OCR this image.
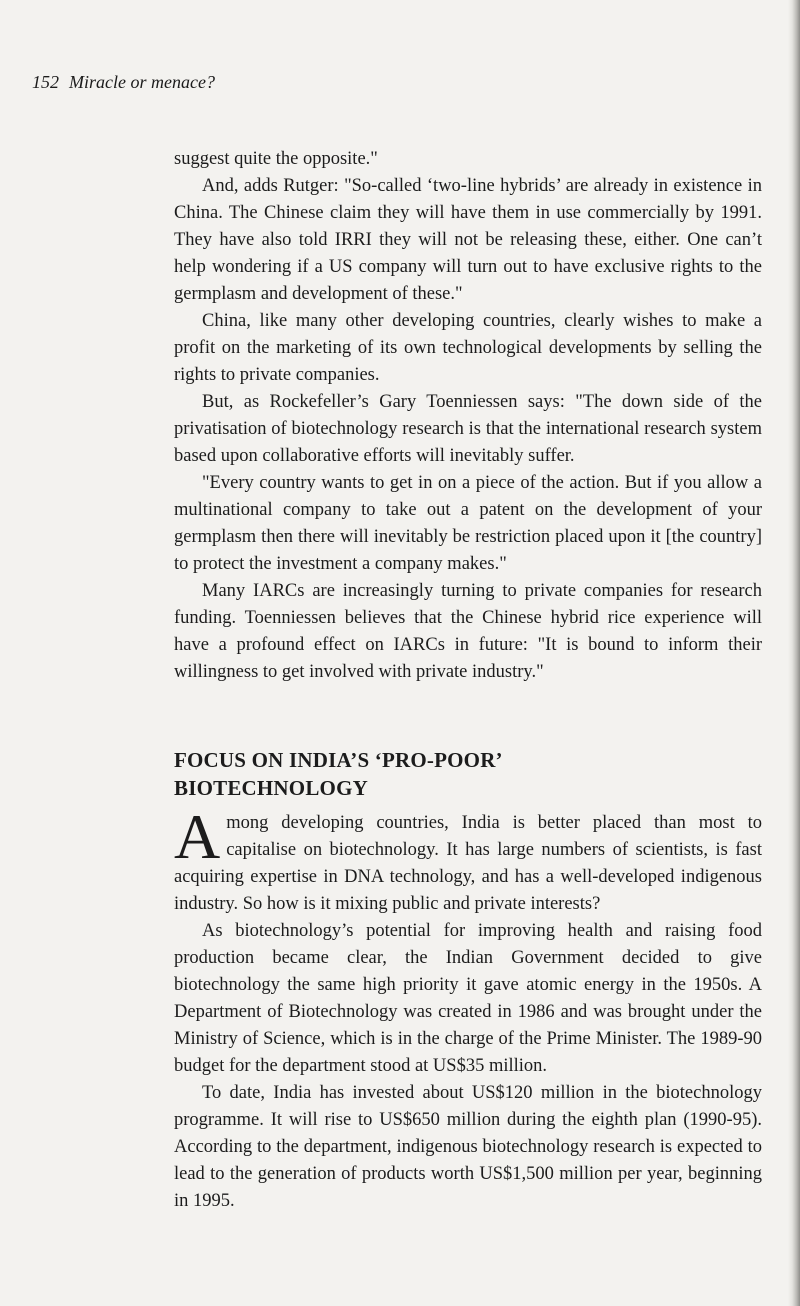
152 Miracle or menace?

suggest quite the opposite."

And, adds Rutger: "So-called ‘two-line hybrids’ are already in existence in China. The Chinese claim they will have them in use commercially by 1991. They have also told IRRI they will not be releasing these, either. One can’t help wondering if a US company will turn out to have exclusive rights to the germplasm and development of these."

China, like many other developing countries, clearly wishes to make a profit on the marketing of its own technological developments by selling the rights to private companies.

But, as Rockefeller’s Gary Toenniessen says: "The down side of the privatisation of biotechnology research is that the international research system based upon collaborative efforts will inevitably suffer.

"Every country wants to get in on a piece of the action. But if you allow a multinational company to take out a patent on the development of your germplasm then there will inevitably be restriction placed upon it [the country] to protect the investment a company makes."

Many IARCs are increasingly turning to private companies for research funding. Toenniessen believes that the Chinese hybrid rice experience will have a profound effect on IARCs in future: "It is bound to inform their willingness to get involved with private industry."

FOCUS ON INDIA’S ‘PRO-POOR’
BIOTECHNOLOGY

Among developing countries, India is better placed than most to capitalise on biotechnology. It has large numbers of scientists, is fast acquiring expertise in DNA technology, and has a well-developed indigenous industry. So how is it mixing public and private interests?

As biotechnology’s potential for improving health and raising food production became clear, the Indian Government decided to give biotechnology the same high priority it gave atomic energy in the 1950s. A Department of Biotechnology was created in 1986 and was brought under the Ministry of Science, which is in the charge of the Prime Minister. The 1989-90 budget for the department stood at US$35 million.

To date, India has invested about US$120 million in the biotechnology programme. It will rise to US$650 million during the eighth plan (1990-95). According to the department, indigenous biotechnology research is expected to lead to the generation of products worth US$1,500 million per year, beginning in 1995.
